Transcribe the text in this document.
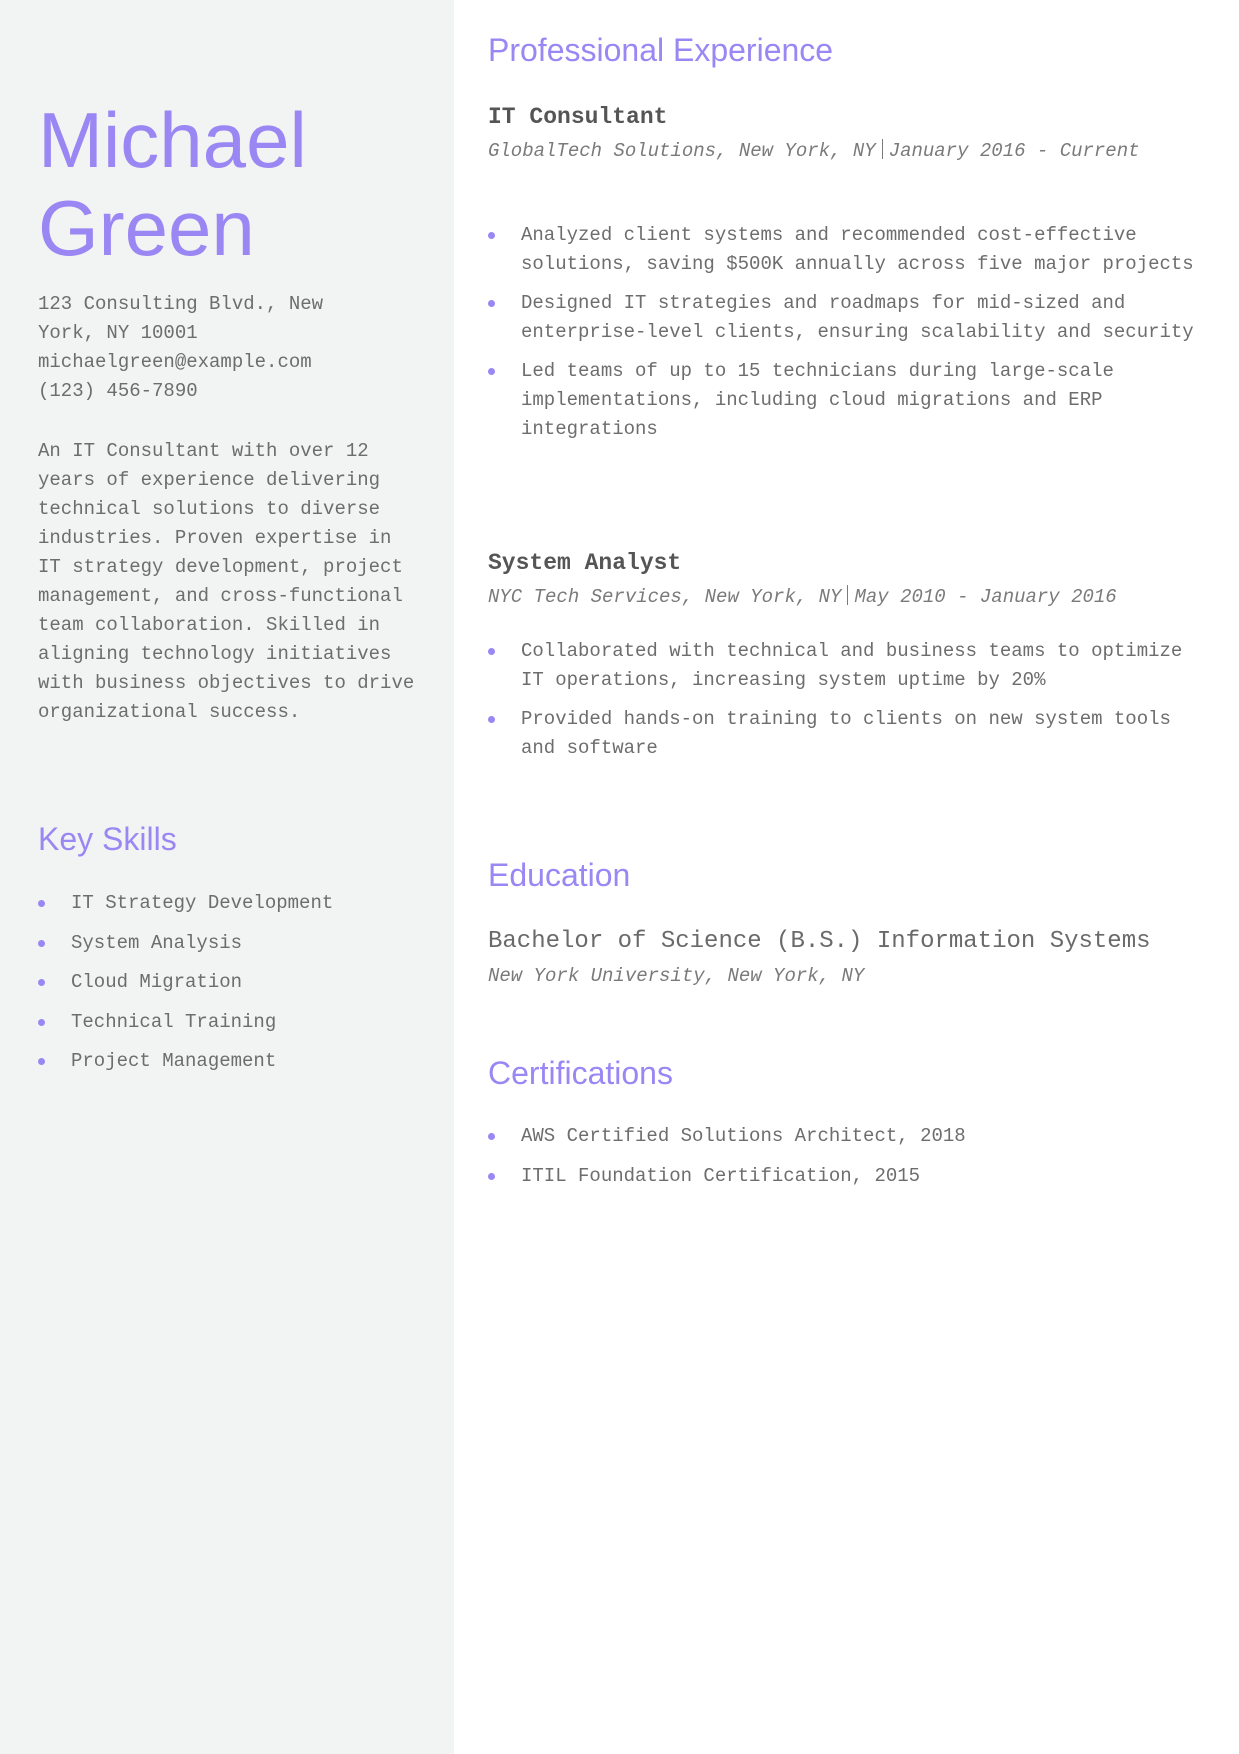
Michael
Green
123 Consulting Blvd., New
York, NY 10001
michaelgreen@example.com
(123) 456-7890

An IT Consultant with over 12 years of experience delivering technical solutions to diverse industries. Proven expertise in IT strategy development, project management, and cross-functional team collaboration. Skilled in aligning technology initiatives with business objectives to drive organizational success.

Key Skills
IT Strategy Development
System Analysis
Cloud Migration
Technical Training
Project Management
Professional Experience
IT Consultant

GlobalTech Solutions, New York, NY January 2016 - Current

Analyzed client systems and recommended cost-effective solutions, saving $500K annually across five major projects
Designed IT strategies and roadmaps for mid-sized and enterprise-level clients, ensuring scalability and security
Led teams of up to 15 technicians during large-scale implementations, including cloud migrations and ERP integrations
System Analyst

NYC Tech Services, New York, NY May 2010 - January 2016

Collaborated with technical and business teams to optimize IT operations, increasing system uptime by 20%
Provided hands-on training to clients on new system tools and software
Education

Bachelor of Science (B.S.) Information Systems

New York University, New York, NY

Certifications
AWS Certified Solutions Architect, 2018
ITIL Foundation Certification, 2015
